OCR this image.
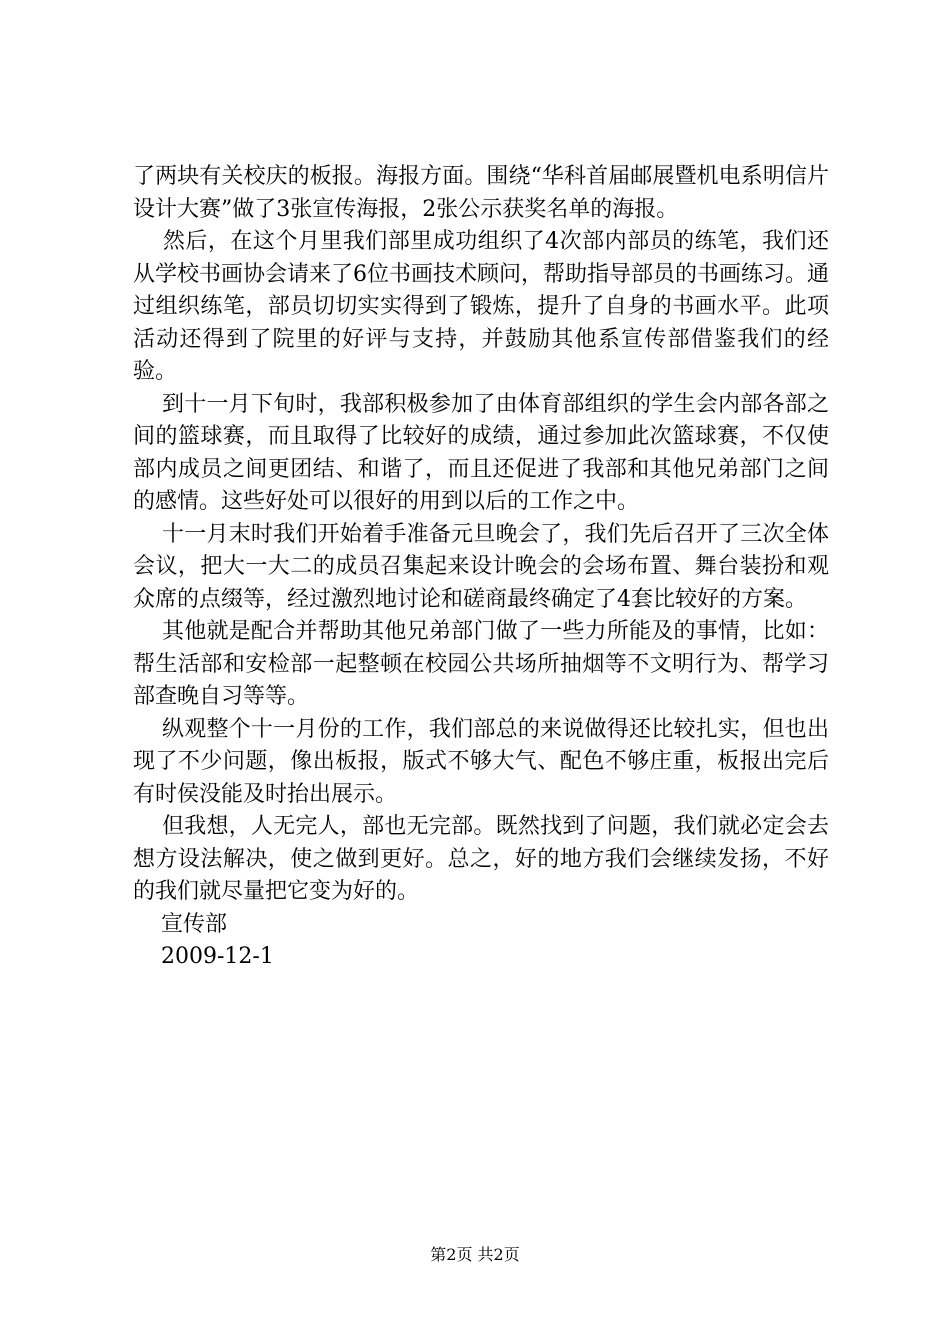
了两块有关校庆的板报。海报方面。围绕“华科首届邮展暨机电系明信片设计大赛”做了3张宣传海报，2张公示获奖名单的海报。

然后，在这个月里我们部里成功组织了4次部内部员的练笔，我们还从学校书画协会请来了6位书画技术顾问，帮助指导部员的书画练习。通过组织练笔，部员切切实实得到了锻炼，提升了自身的书画水平。此项活动还得到了院里的好评与支持，并鼓励其他系宣传部借鉴我们的经验。

到十一月下旬时，我部积极参加了由体育部组织的学生会内部各部之间的篮球赛，而且取得了比较好的成绩，通过参加此次篮球赛，不仅使部内成员之间更团结、和谐了，而且还促进了我部和其他兄弟部门之间的感情。这些好处可以很好的用到以后的工作之中。

十一月末时我们开始着手准备元旦晚会了，我们先后召开了三次全体会议，把大一大二的成员召集起来设计晚会的会场布置、舞台装扮和观众席的点缀等，经过激烈地讨论和磋商最终确定了4套比较好的方案。

其他就是配合并帮助其他兄弟部门做了一些力所能及的事情，比如：帮生活部和安检部一起整顿在校园公共场所抽烟等不文明行为、帮学习部查晚自习等等。

纵观整个十一月份的工作，我们部总的来说做得还比较扎实，但也出现了不少问题，像出板报，版式不够大气、配色不够庄重，板报出完后有时侯没能及时抬出展示。

但我想，人无完人，部也无完部。既然找到了问题，我们就必定会去想方设法解决，使之做到更好。总之，好的地方我们会继续发扬，不好的我们就尽量把它变为好的。

宣传部

2009-12-1

第2页 共2页
